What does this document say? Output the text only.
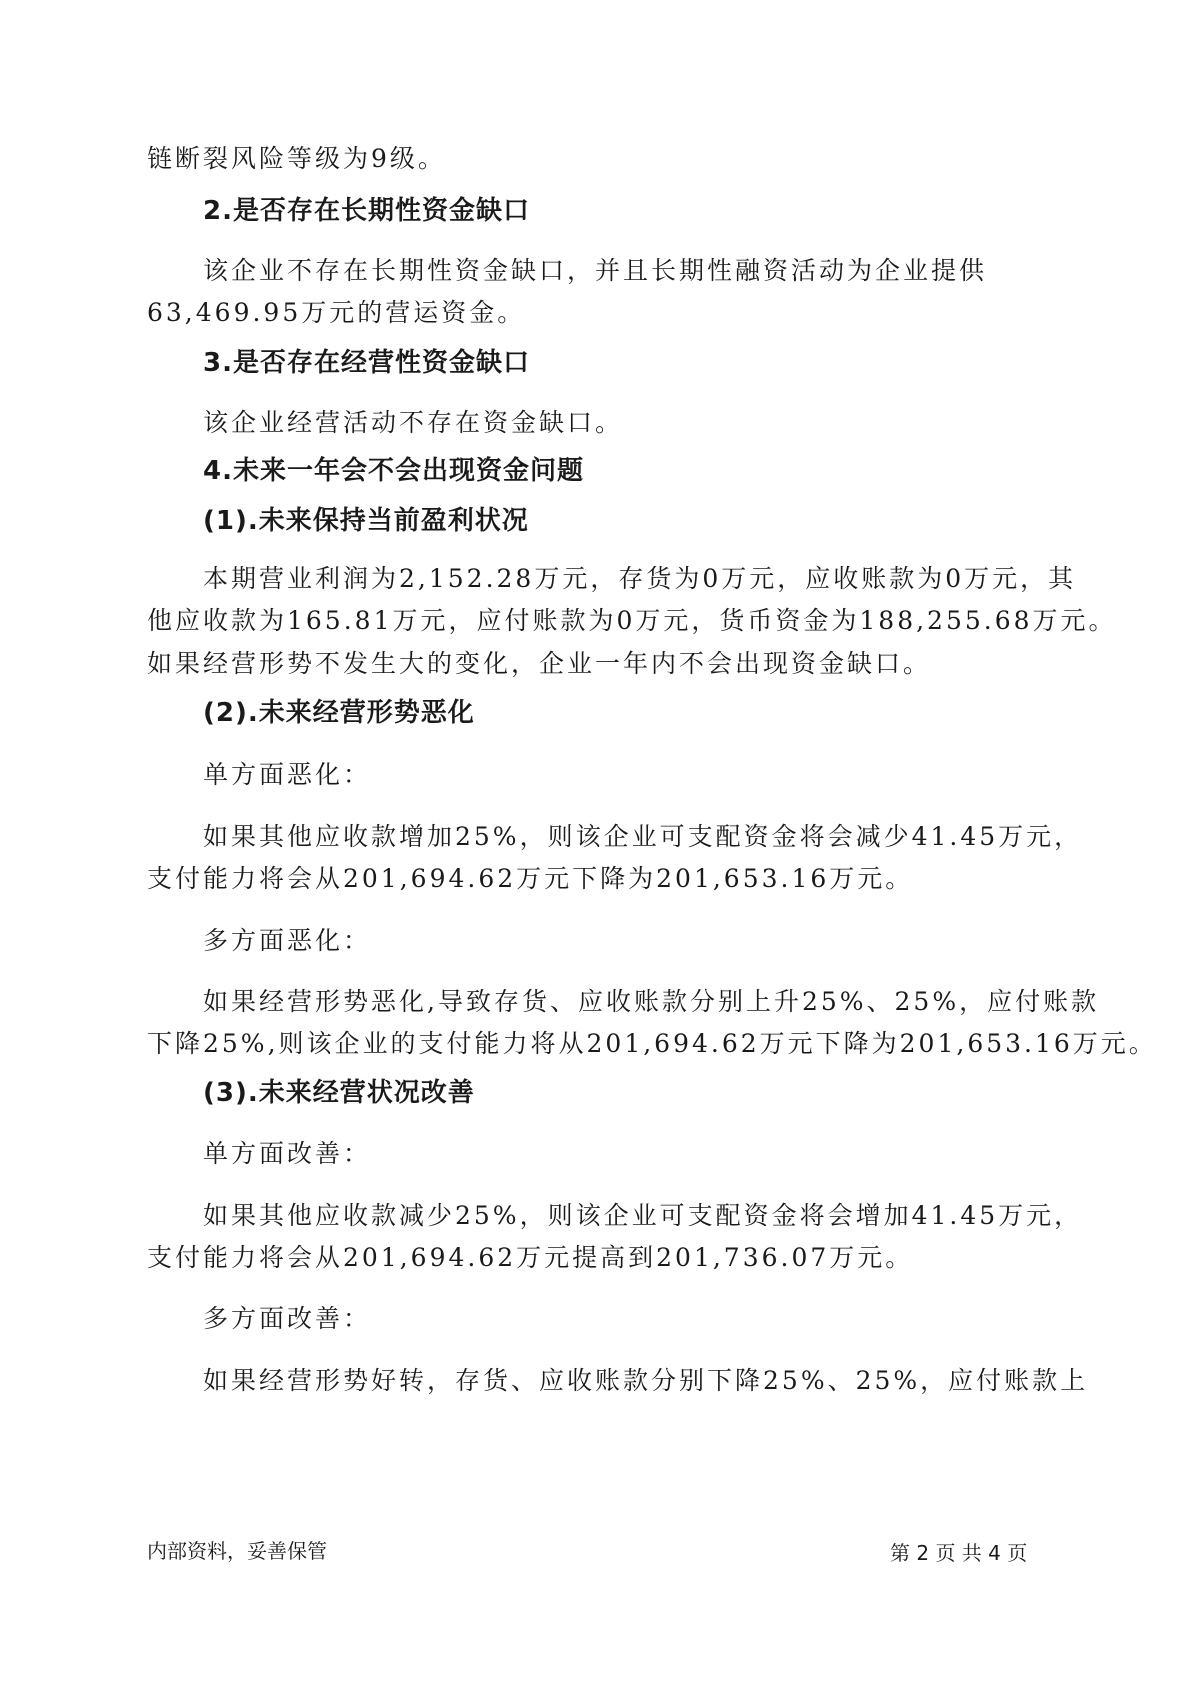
链断裂风险等级为9级。
2.是否存在长期性资金缺口
该企业不存在长期性资金缺口，并且长期性融资活动为企业提供
63,469.95万元的营运资金。
3.是否存在经营性资金缺口
该企业经营活动不存在资金缺口。
4.未来一年会不会出现资金问题
(1).未来保持当前盈利状况
本期营业利润为2,152.28万元，存货为0万元，应收账款为0万元，其
他应收款为165.81万元，应付账款为0万元，货币资金为188,255.68万元。
如果经营形势不发生大的变化，企业一年内不会出现资金缺口。
(2).未来经营形势恶化
单方面恶化：
如果其他应收款增加25%，则该企业可支配资金将会减少41.45万元，
支付能力将会从201,694.62万元下降为201,653.16万元。
多方面恶化：
如果经营形势恶化,导致存货、应收账款分别上升25%、25%，应付账款
下降25%,则该企业的支付能力将从201,694.62万元下降为201,653.16万元。
(3).未来经营状况改善
单方面改善：
如果其他应收款减少25%，则该企业可支配资金将会增加41.45万元，
支付能力将会从201,694.62万元提高到201,736.07万元。
多方面改善：
如果经营形势好转，存货、应收账款分别下降25%、25%，应付账款上
内部资料，妥善保管	第 2 页 共 4 页
